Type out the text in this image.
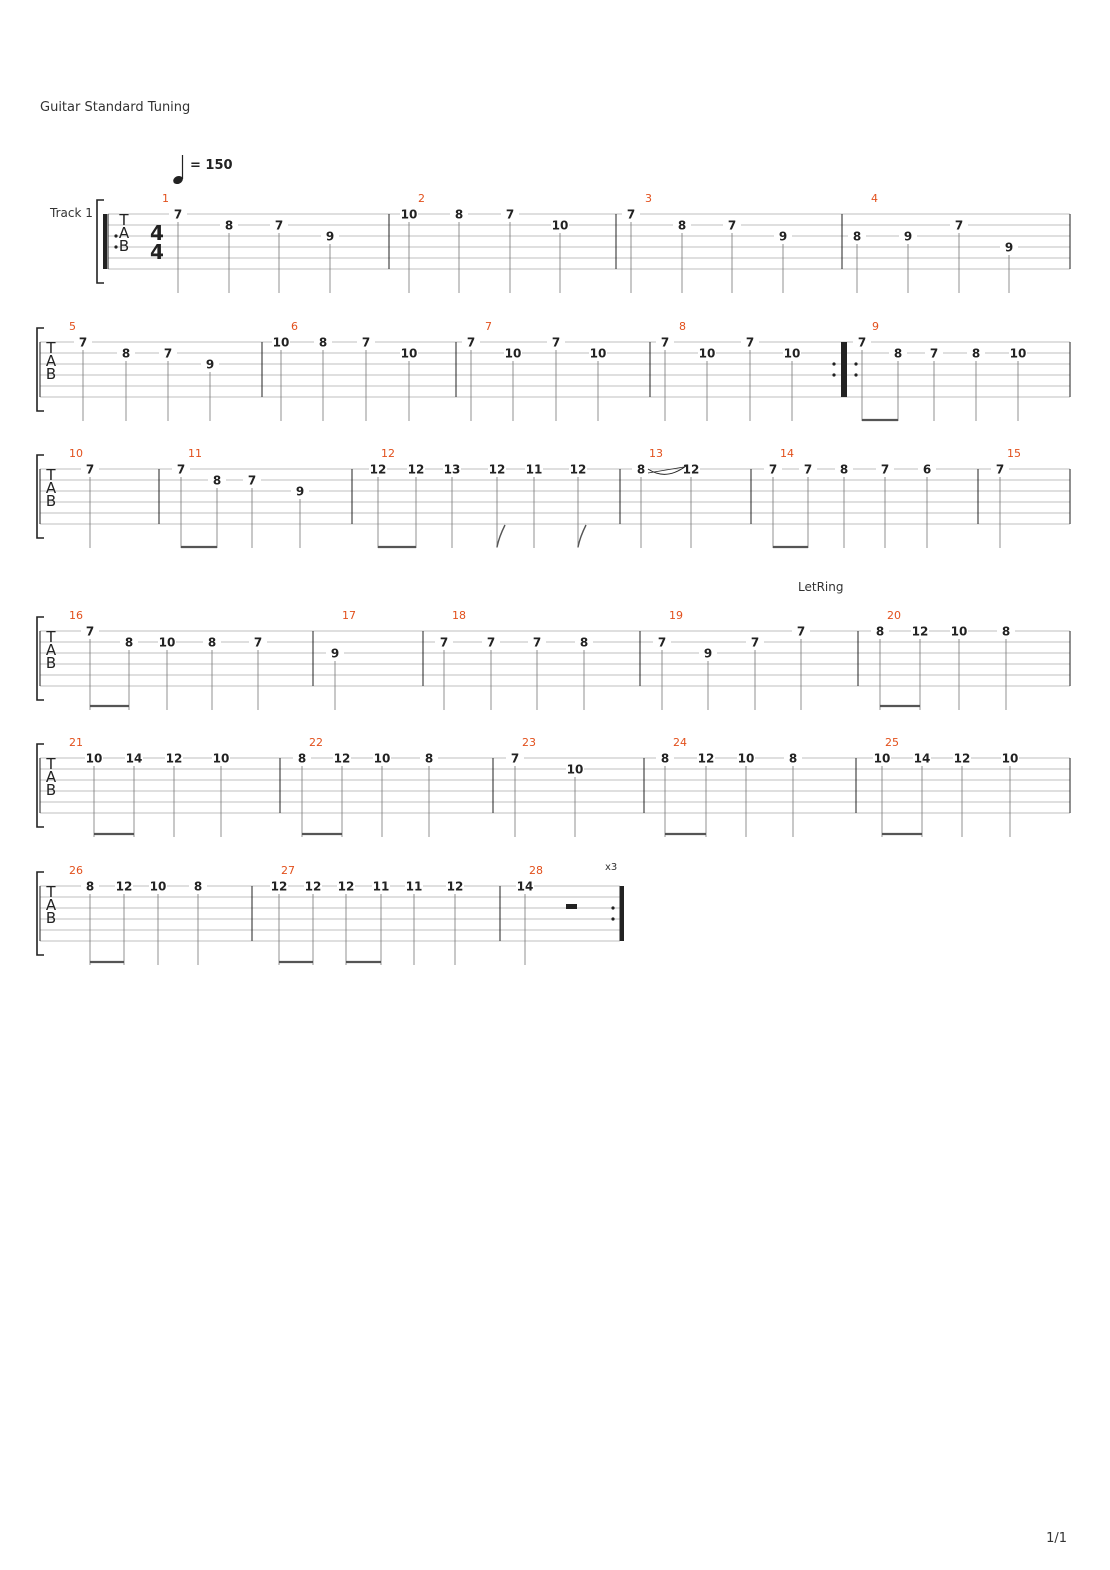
Guitar Standard Tuning
= 150
Track 1 T
A
B
1
7
8	7
9
2
10	8	7
10
3
7
8	7
9
4
8	9
7
9
T
A
B
5
7
8	7
9
6
10 8	7
10
7
7
10
7
10
8
7
10
7
10
9
7
8 7	8 10
T
A
B
10
7
11
7
8 7
9
12
12 12 13 12 11 12
13
8	12
14
7 7 8	7	6
15
7
T
A
B
16
7
8 10	8	7
17
9
18
7	7	7	8
19
7
9
7
7
20
8 12 10	8
T
A
B
21
10 14 12	10
22
8 12 10	8
23
7
10
24
8 12 10	8
25
10 14 12	10
T
A
B
26
8 12 10 8
27
12 12 12 11 11 12
28
14
4
4
LetRing
x3
1/1
